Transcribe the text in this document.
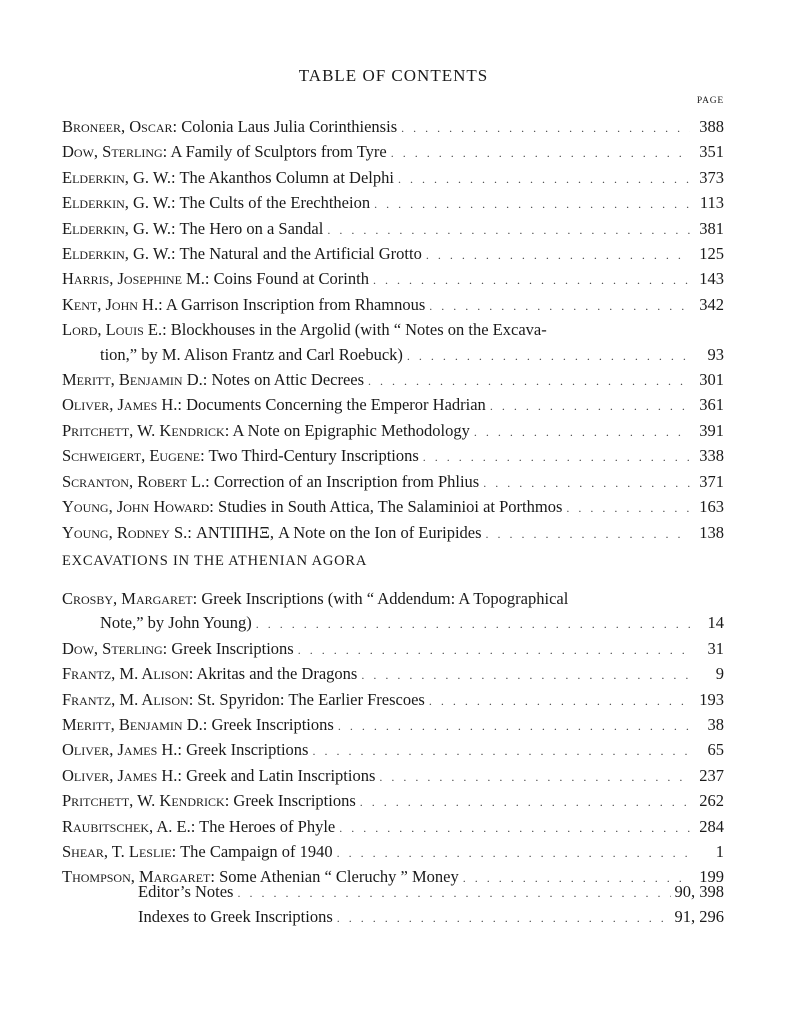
TABLE OF CONTENTS
PAGE
Broneer, Oscar: Colonia Laus Julia Corinthiensis . . .	388
Dow, Sterling: A Family of Sculptors from Tyre . . .	351
Elderkin, G. W.: The Akanthos Column at Delphi . . .	373
Elderkin, G. W.: The Cults of the Erechtheion . . .	113
Elderkin, G. W.: The Hero on a Sandal . . .	381
Elderkin, G. W.: The Natural and the Artificial Grotto . . .	125
Harris, Josephine M.: Coins Found at Corinth . . .	143
Kent, John H.: A Garrison Inscription from Rhamnous . . .	342
Lord, Louis E.: Blockhouses in the Argolid (with “ Notes on the Excava-
tion,” by M. Alison Frantz and Carl Roebuck) . . .	93
Meritt, Benjamin D.: Notes on Attic Decrees . . .	301
Oliver, James H.: Documents Concerning the Emperor Hadrian . . .	361
Pritchett, W. Kendrick: A Note on Epigraphic Methodology . . .	391
Schweigert, Eugene: Two Third-Century Inscriptions . . .	338
Scranton, Robert L.: Correction of an Inscription from Phlius . . .	371
Young, John Howard: Studies in South Attica, The Salaminioi at Porthmos . . .	163
Young, Rodney S.: ΑΝΤΙΠΗΞ, A Note on the Ion of Euripides . . .	138
EXCAVATIONS IN THE ATHENIAN AGORA
Crosby, Margaret: Greek Inscriptions (with “ Addendum: A Topographical
Note,” by John Young) . . .	14
Dow, Sterling: Greek Inscriptions . . .	31
Frantz, M. Alison: Akritas and the Dragons . . .	9
Frantz, M. Alison: St. Spyridon: The Earlier Frescoes . . .	193
Meritt, Benjamin D.: Greek Inscriptions . . .	38
Oliver, James H.: Greek Inscriptions . . .	65
Oliver, James H.: Greek and Latin Inscriptions . . .	237
Pritchett, W. Kendrick: Greek Inscriptions . . .	262
Raubitschek, A. E.: The Heroes of Phyle . . .	284
Shear, T. Leslie: The Campaign of 1940 . . .	1
Thompson, Margaret: Some Athenian “ Cleruchy ” Money . . .	199
Editor’s Notes . . .	90, 398
Indexes to Greek Inscriptions . . .	91, 296
